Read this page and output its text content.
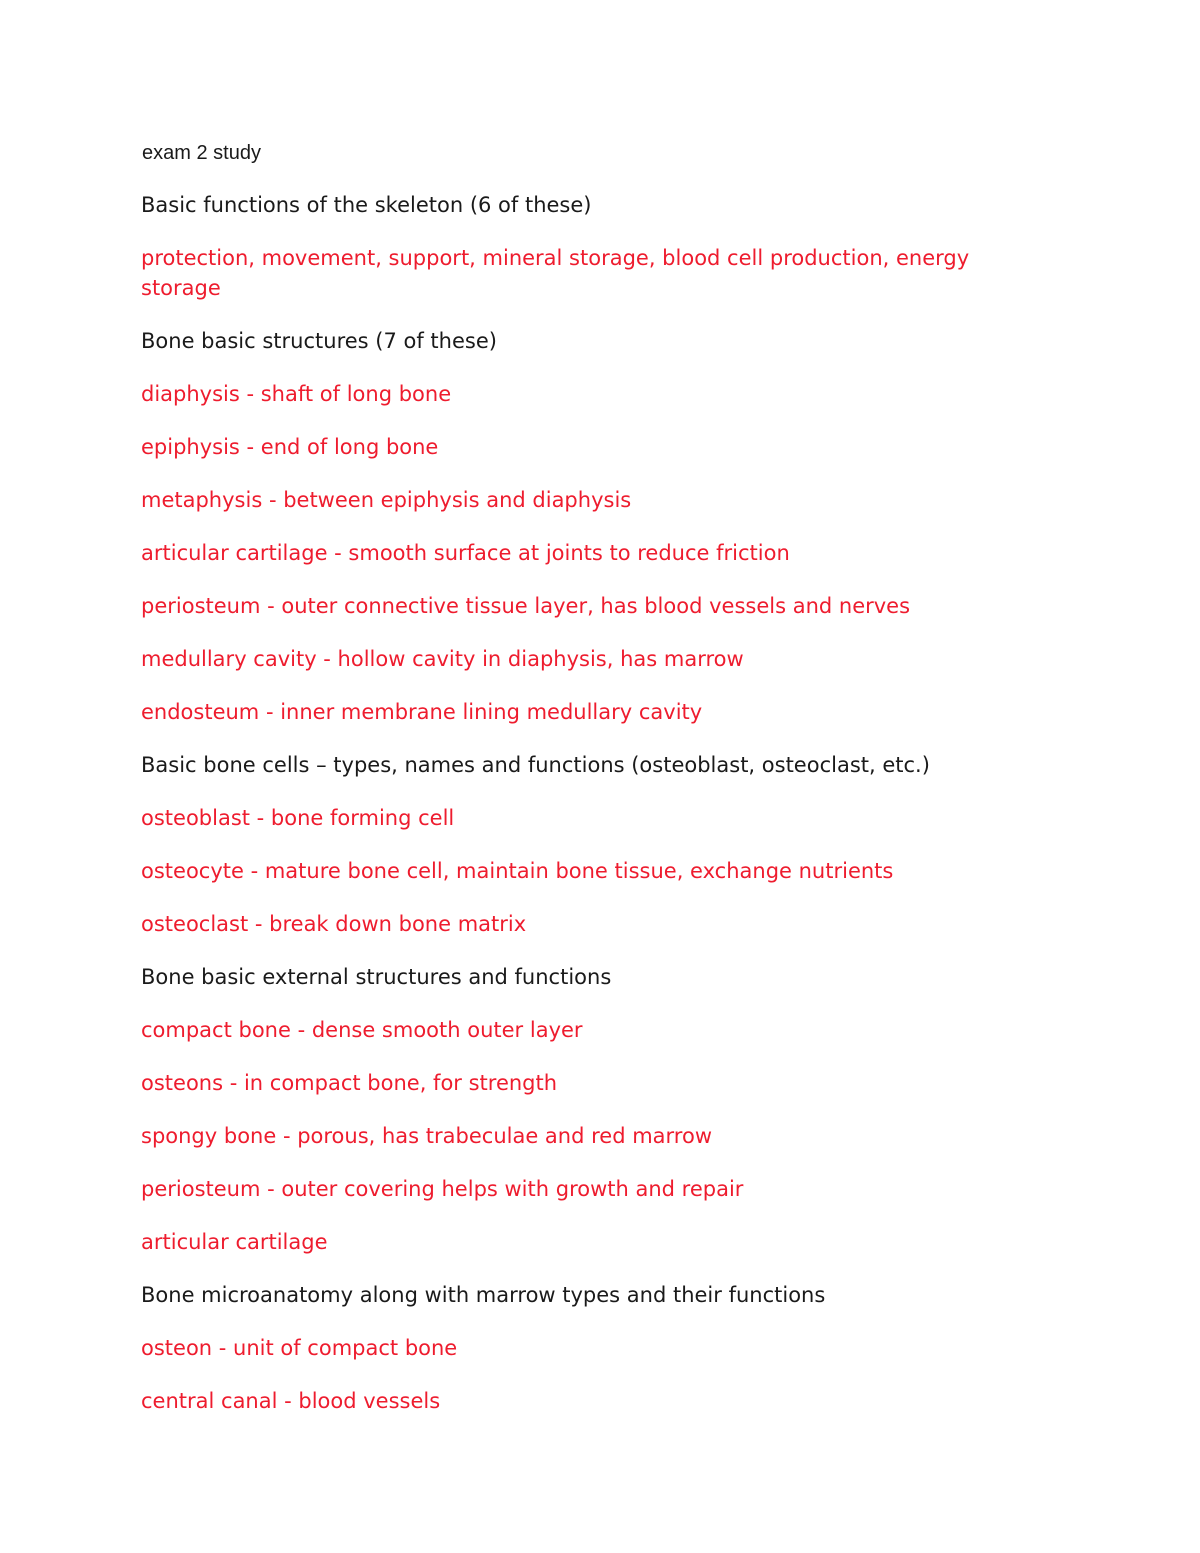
exam 2 study

Basic functions of the skeleton (6 of these)

protection, movement, support, mineral storage, blood cell production, energy storage

Bone basic structures (7 of these)

diaphysis - shaft of long bone

epiphysis - end of long bone

metaphysis - between epiphysis and diaphysis

articular cartilage - smooth surface at joints to reduce friction

periosteum - outer connective tissue layer, has blood vessels and nerves

medullary cavity - hollow cavity in diaphysis, has marrow

endosteum - inner membrane lining medullary cavity

Basic bone cells – types, names and functions (osteoblast, osteoclast, etc.)

osteoblast - bone forming cell

osteocyte - mature bone cell, maintain bone tissue, exchange nutrients

osteoclast - break down bone matrix

Bone basic external structures and functions

compact bone - dense smooth outer layer

osteons - in compact bone, for strength

spongy bone - porous, has trabeculae and red marrow

periosteum - outer covering helps with growth and repair

articular cartilage

Bone microanatomy along with marrow types and their functions

osteon - unit of compact bone

central canal - blood vessels
